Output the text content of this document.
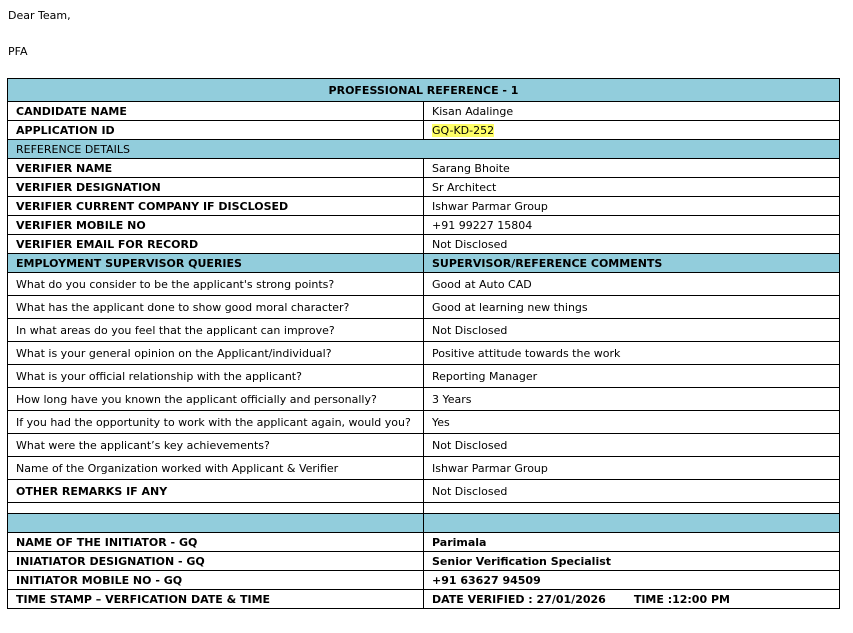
Dear Team,
PFA
PROFESSIONAL REFERENCE - 1	
CANDIDATE NAME	Kisan Adalinge
APPLICATION ID	GQ-KD-252
REFERENCE DETAILS	
VERIFIER NAME	Sarang Bhoite
VERIFIER DESIGNATION	Sr Architect
VERIFIER CURRENT COMPANY IF DISCLOSED	Ishwar Parmar Group
VERIFIER MOBILE NO	+91 99227 15804
VERIFIER EMAIL FOR RECORD	Not Disclosed
EMPLOYMENT SUPERVISOR QUERIES	SUPERVISOR/REFERENCE COMMENTS
What do you consider to be the applicant's strong points?	Good at Auto CAD
What has the applicant done to show good moral character?	Good at learning new things
In what areas do you feel that the applicant can improve?	Not Disclosed
What is your general opinion on the Applicant/individual?	Positive attitude towards the work
What is your official relationship with the applicant?	Reporting Manager
How long have you known the applicant officially and personally?	3 Years
If you had the opportunity to work with the applicant again, would you?	Yes
What were the applicant’s key achievements?	Not Disclosed
Name of the Organization worked with Applicant & Verifier	Ishwar Parmar Group
OTHER REMARKS IF ANY	Not Disclosed

NAME OF THE INITIATOR - GQ	Parimala
INIATIATOR DESIGNATION - GQ	Senior Verification Specialist
INITIATOR MOBILE NO - GQ	+91 63627 94509
TIME STAMP – VERFICATION DATE & TIME	DATE VERIFIED : 27/01/2026 TIME :12:00 PM
